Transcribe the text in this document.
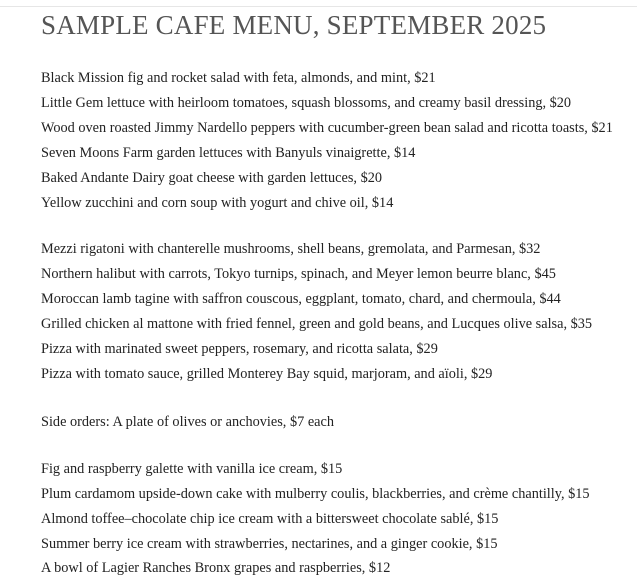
SAMPLE CAFE MENU, SEPTEMBER 2025
Black Mission fig and rocket salad with feta, almonds, and mint, $21
Little Gem lettuce with heirloom tomatoes, squash blossoms, and creamy basil dressing, $20
Wood oven roasted Jimmy Nardello peppers with cucumber-green bean salad and ricotta toasts, $21
Seven Moons Farm garden lettuces with Banyuls vinaigrette, $14
Baked Andante Dairy goat cheese with garden lettuces, $20
Yellow zucchini and corn soup with yogurt and chive oil, $14
Mezzi rigatoni with chanterelle mushrooms, shell beans, gremolata, and Parmesan, $32
Northern halibut with carrots, Tokyo turnips, spinach, and Meyer lemon beurre blanc, $45
Moroccan lamb tagine with saffron couscous, eggplant, tomato, chard, and chermoula, $44
Grilled chicken al mattone with fried fennel, green and gold beans, and Lucques olive salsa, $35
Pizza with marinated sweet peppers, rosemary, and ricotta salata, $29
Pizza with tomato sauce, grilled Monterey Bay squid, marjoram, and aïoli, $29
Side orders: A plate of olives or anchovies, $7 each
Fig and raspberry galette with vanilla ice cream, $15
Plum cardamom upside-down cake with mulberry coulis, blackberries, and crème chantilly, $15
Almond toffee–chocolate chip ice cream with a bittersweet chocolate sablé, $15
Summer berry ice cream with strawberries, nectarines, and a ginger cookie, $15
A bowl of Lagier Ranches Bronx grapes and raspberries, $12
